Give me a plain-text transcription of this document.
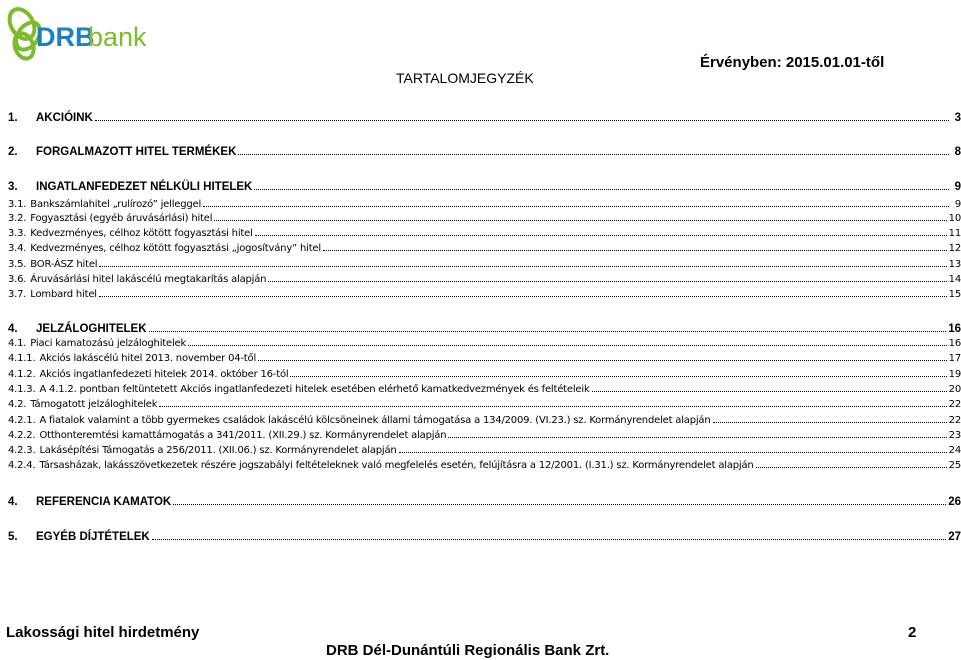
DRB
bank
TARTALOMJEGYZÉK
Érvényben: 2015.01.01-től
1.	AKCIÓINK	3
2.	FORGALMAZOTT HITEL TERMÉKEK	8
3.	INGATLANFEDEZET NÉLKÜLI HITELEK	9
3.1. Bankszámlahitel „rulírozó” jelleggel	9
3.2. Fogyasztási (egyéb áruvásárlási) hitel	10
3.3. Kedvezményes, célhoz kötött fogyasztási hitel	11
3.4. Kedvezményes, célhoz kötött fogyasztási „jogosítvány” hitel	12
3.5. BOR-ÁSZ hitel	13
3.6. Áruvásárlási hitel lakáscélú megtakarítás alapján	14
3.7. Lombard hitel	15
4.	JELZÁLOGHITELEK	16
4.1. Piaci kamatozású jelzáloghitelek	16
4.1.1. Akciós lakáscélú hitel 2013. november 04-től	17
4.1.2. Akciós ingatlanfedezeti hitelek 2014. október 16-tól	19
4.1.3. A 4.1.2. pontban feltüntetett Akciós ingatlanfedezeti hitelek esetében elérhető kamatkedvezmények és feltételeik	20
4.2. Támogatott jelzáloghitelek	22
4.2.1. A fiatalok valamint a több gyermekes családok lakáscélú kölcsöneinek állami támogatása a 134/2009. (VI.23.) sz. Kormányrendelet alapján	22
4.2.2. Otthonteremtési kamattámogatás a 341/2011. (XII.29.) sz. Kormányrendelet alapján	23
4.2.3. Lakásépítési Támogatás a 256/2011. (XII.06.) sz. Kormányrendelet alapján	24
4.2.4. Társasházak, lakásszövetkezetek részére jogszabályi feltételeknek való megfelelés esetén, felújításra a 12/2001. (I.31.) sz. Kormányrendelet alapján	25
4.	REFERENCIA KAMATOK	26
5.	EGYÉB DÍJTÉTELEK	27
Lakossági hitel hirdetmény	2
DRB Dél-Dunántúli Regionális Bank Zrt.
